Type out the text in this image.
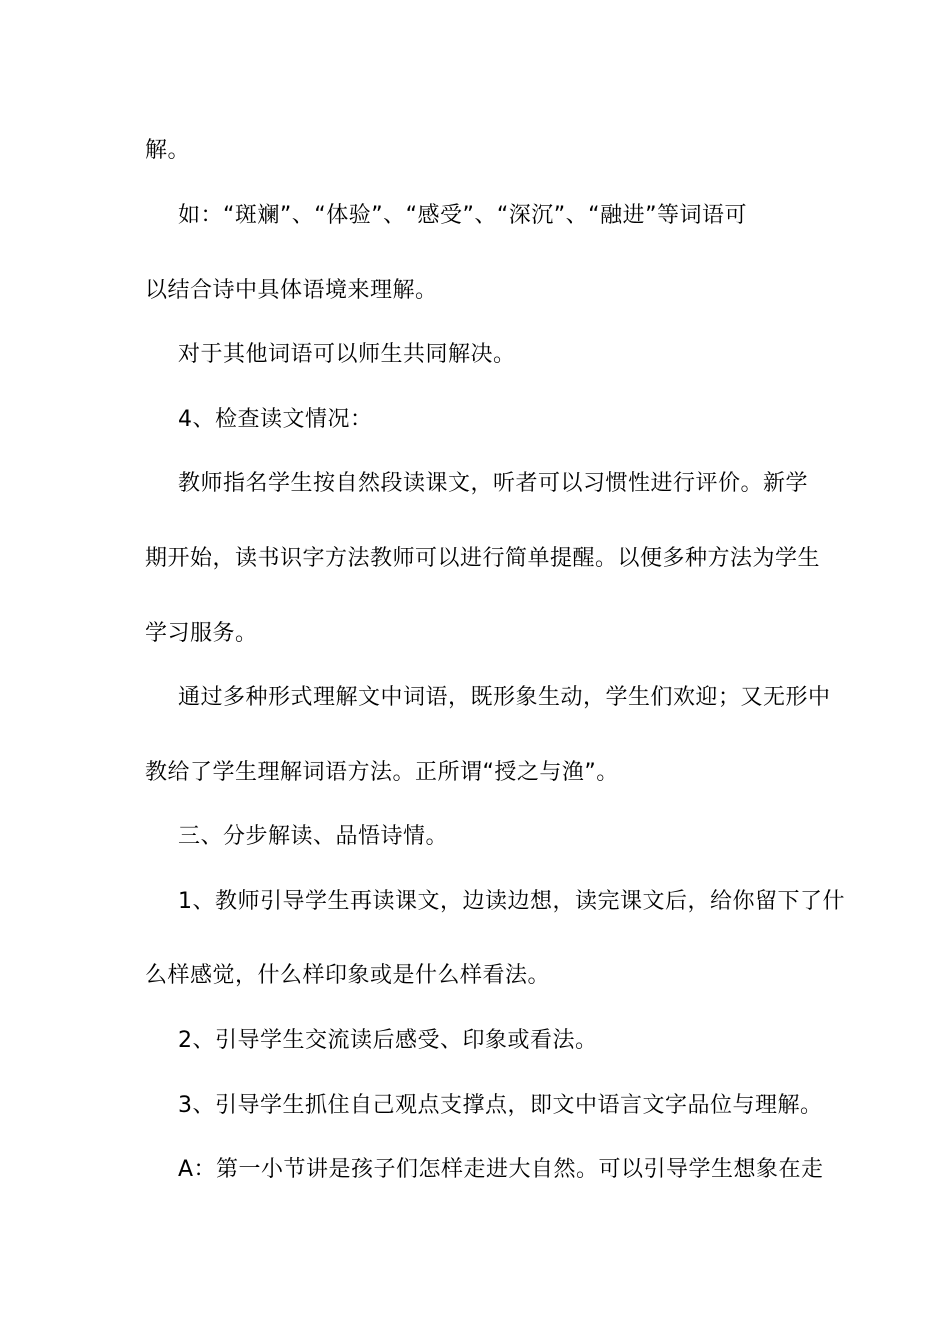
解。
如：“斑斓”、“体验”、“感受”、“深沉”、“融进”等词语可
以结合诗中具体语境来理解。
对于其他词语可以师生共同解决。
4、检查读文情况：
教师指名学生按自然段读课文，听者可以习惯性进行评价。新学
期开始，读书识字方法教师可以进行简单提醒。以便多种方法为学生
学习服务。
通过多种形式理解文中词语，既形象生动，学生们欢迎；又无形中
教给了学生理解词语方法。正所谓“授之与渔”。
三、分步解读、品悟诗情。
1、教师引导学生再读课文，边读边想，读完课文后，给你留下了什
么样感觉，什么样印象或是什么样看法。
2、引导学生交流读后感受、印象或看法。
3、引导学生抓住自己观点支撑点，即文中语言文字品位与理解。
A：第一小节讲是孩子们怎样走进大自然。可以引导学生想象在走
